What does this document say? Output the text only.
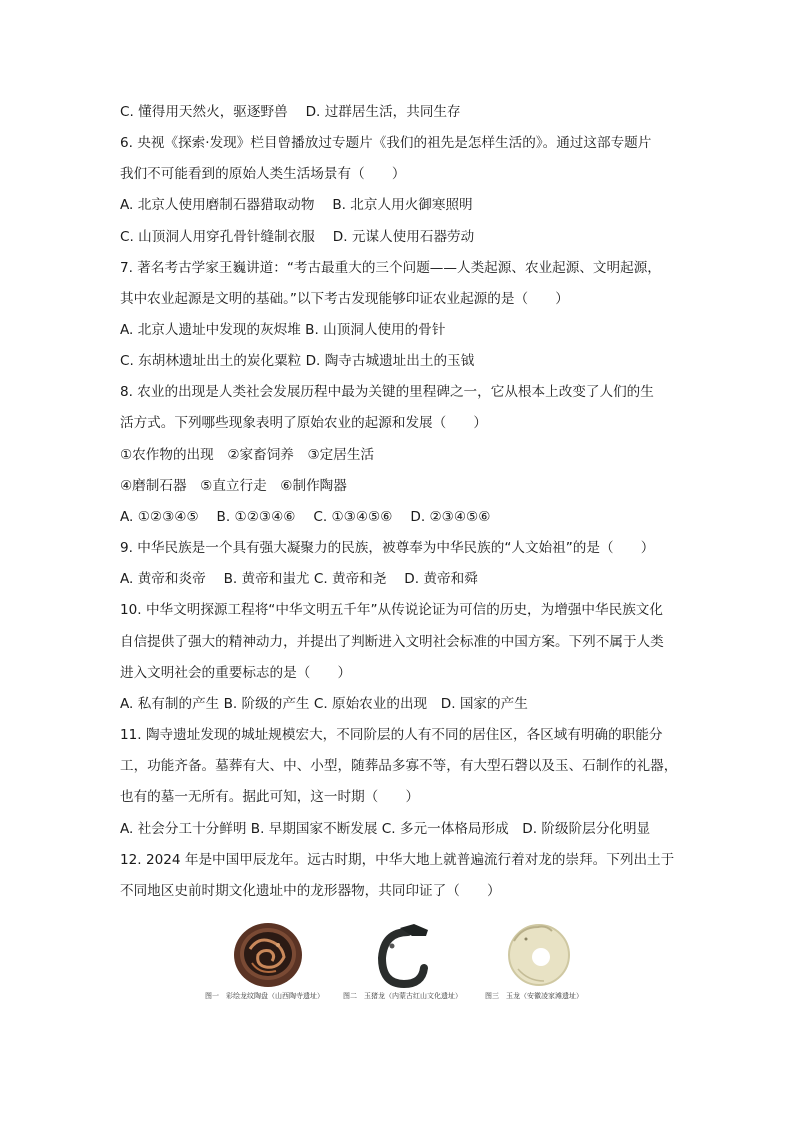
C. 懂得用天然火，驱逐野兽　 D. 过群居生活，共同生存
6. 央视《探索·发现》栏目曾播放过专题片《我们的祖先是怎样生活的》。通过这部专题片
我们不可能看到的原始人类生活场景有（　　）
A. 北京人使用磨制石器猎取动物　 B. 北京人用火御寒照明
C. 山顶洞人用穿孔骨针缝制衣服　 D. 元谋人使用石器劳动
7. 著名考古学家王巍讲道：“考古最重大的三个问题——人类起源、农业起源、文明起源，
其中农业起源是文明的基础。”以下考古发现能够印证农业起源的是（　　）
A. 北京人遗址中发现的灰烬堆 B. 山顶洞人使用的骨针
C. 东胡林遗址出土的炭化粟粒 D. 陶寺古城遗址出土的玉钺
8. 农业的出现是人类社会发展历程中最为关键的里程碑之一，它从根本上改变了人们的生
活方式。下列哪些现象表明了原始农业的起源和发展（　　）
①农作物的出现　②家畜饲养　③定居生活
④磨制石器　⑤直立行走　⑥制作陶器
A. ①②③④⑤　 B. ①②③④⑥　 C. ①③④⑤⑥　 D. ②③④⑤⑥
9. 中华民族是一个具有强大凝聚力的民族，被尊奉为中华民族的“人文始祖”的是（　　）
A. 黄帝和炎帝　 B. 黄帝和蚩尤 C. 黄帝和尧　 D. 黄帝和舜
10. 中华文明探源工程将“中华文明五千年”从传说论证为可信的历史，为增强中华民族文化
自信提供了强大的精神动力，并提出了判断进入文明社会标准的中国方案。下列不属于人类
进入文明社会的重要标志的是（　　）
A. 私有制的产生 B. 阶级的产生 C. 原始农业的出现　D. 国家的产生
11. 陶寺遗址发现的城址规模宏大，不同阶层的人有不同的居住区，各区域有明确的职能分
工，功能齐备。墓葬有大、中、小型，随葬品多寡不等，有大型石磬以及玉、石制作的礼器，
也有的墓一无所有。据此可知，这一时期（　　）
A. 社会分工十分鲜明 B. 早期国家不断发展 C. 多元一体格局形成　D. 阶级阶层分化明显
12. 2024 年是中国甲辰龙年。远古时期，中华大地上就普遍流行着对龙的崇拜。下列出土于
不同地区史前时期文化遗址中的龙形器物，共同印证了（　　）
图一　彩绘龙纹陶盘（山西陶寺遗址）	图二　玉猪龙（内蒙古红山文化遗址）	图三　玉龙（安徽凌家滩遗址）
